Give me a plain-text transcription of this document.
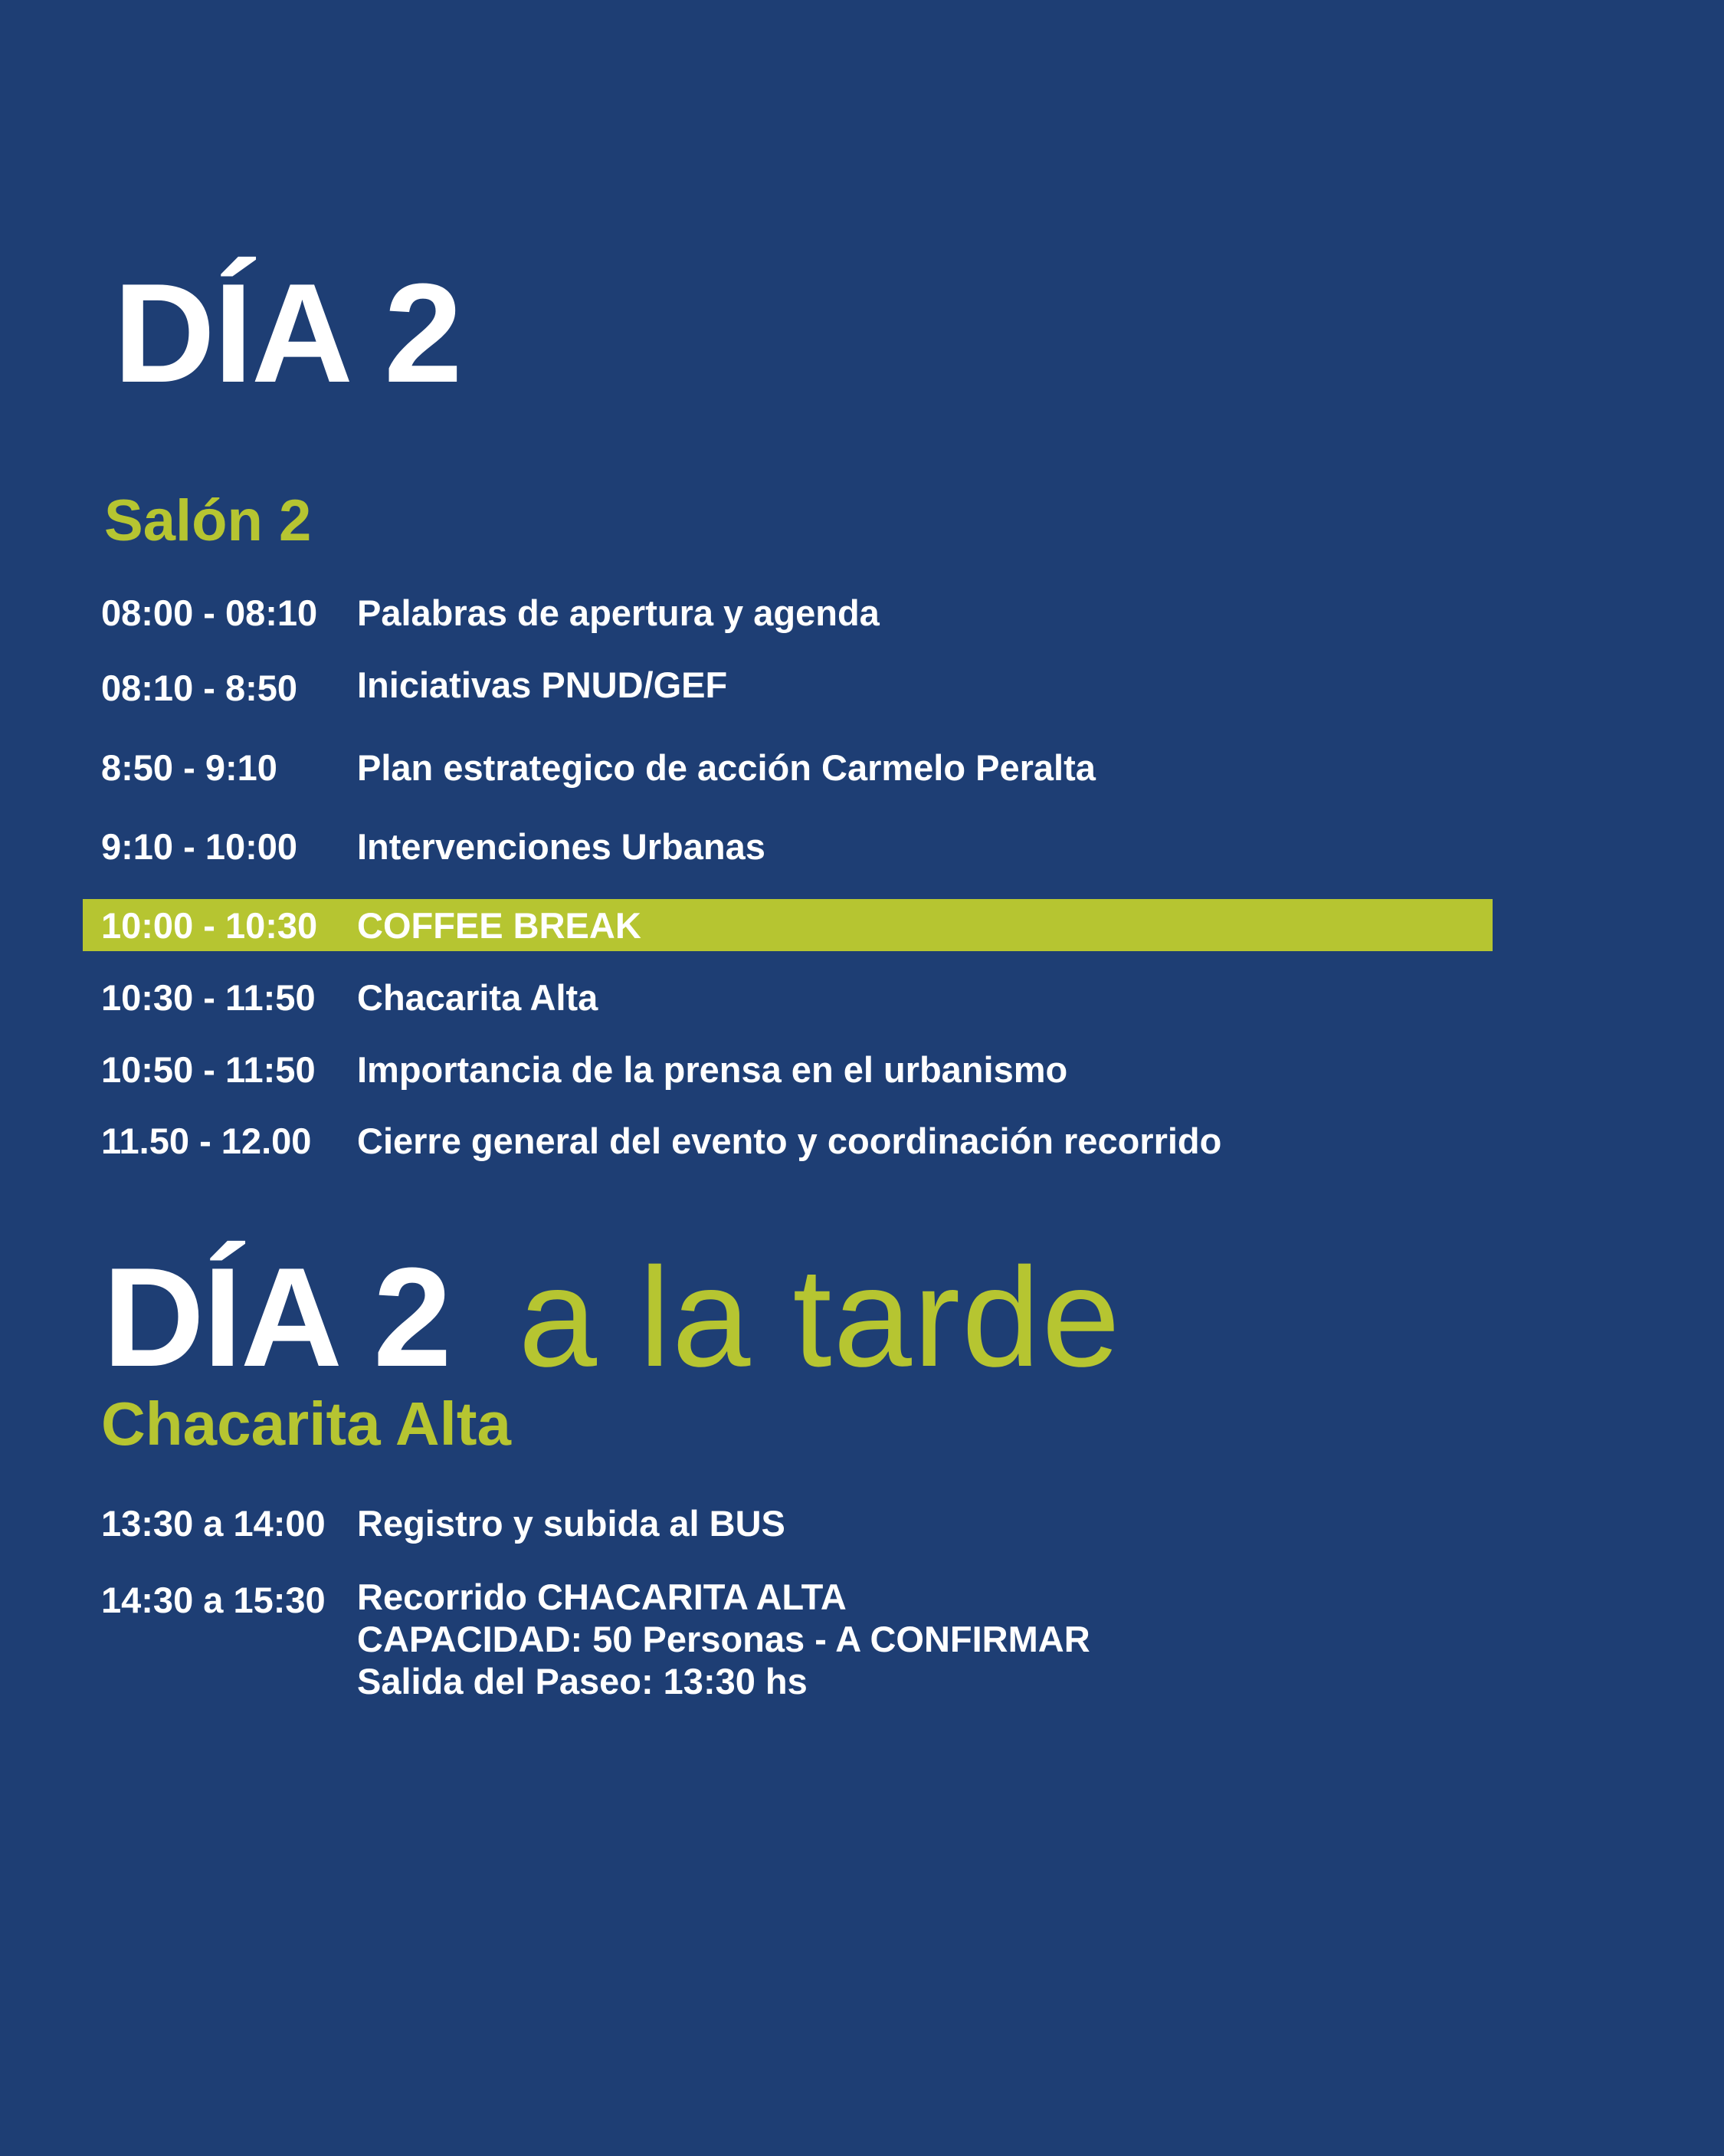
DÍA 2
Salón 2
08:00 - 08:10 Palabras de apertura y agenda
08:10 - 8:50 Iniciativas PNUD/GEF
8:50 - 9:10 Plan estrategico de acción Carmelo Peralta
9:10 - 10:00 Intervenciones Urbanas
10:00 - 10:30 COFFEE BREAK
10:30 - 11:50 Chacarita Alta
10:50 - 11:50 Importancia de la prensa en el urbanismo
11.50 - 12.00 Cierre general del evento y coordinación recorrido
DÍA 2 a la tarde
Chacarita Alta
13:30 a 14:00 Registro y subida al BUS
14:30 a 15:30 Recorrido CHACARITA ALTA
CAPACIDAD: 50 Personas - A CONFIRMAR
Salida del Paseo: 13:30 hs
